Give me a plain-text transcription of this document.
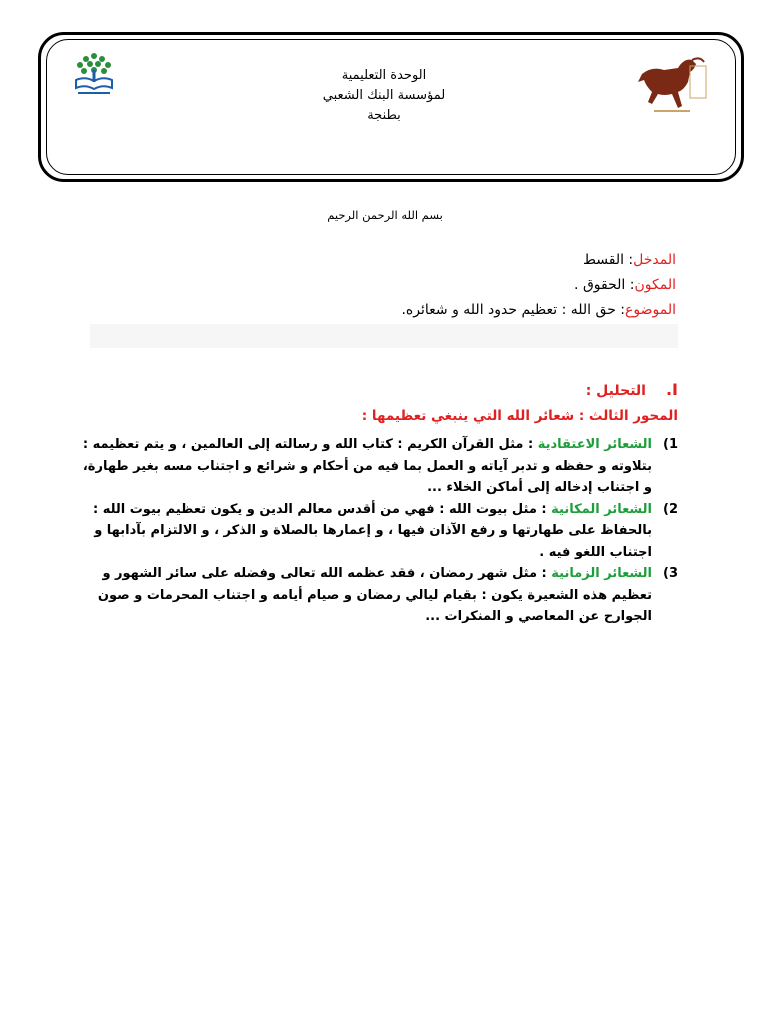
الوحدة التعليمية
لمؤسسة البنك الشعبي
بطنجة
بسم الله الرحمن الرحيم
المدخل: القسط
المكون: الحقوق .
الموضوع: حق الله : تعظيم حدود الله و شعائره.
I.التحليل :
المحور الثالث : شعائر الله التي ينبغي تعظيمها :
1)
الشعائر الاعتقادية : مثل القرآن الكريم : كتاب الله و رسالته إلى العالمين ، و يتم تعظيمه : بتلاوته و حفظه و تدبر آياته و العمل بما فيه من أحكام و شرائع و اجتناب مسه بغير طهارة، و اجتناب إدخاله إلى أماكن الخلاء ...
2)
الشعائر المكانية : مثل بيوت الله : فهي من أقدس معالم الدين و يكون تعظيم بيوت الله : بالحفاظ على طهارتها و رفع الآذان فيها ، و إعمارها بالصلاة و الذكر ، و الالتزام بآدابها و اجتناب اللغو فيه .
3)
الشعائر الزمانية : مثل شهر رمضان ، فقد عظمه الله تعالى وفضله على سائر الشهور و تعظيم هذه الشعيرة يكون : بقيام ليالي رمضان و صيام أيامه و اجتناب المحرمات و صون الجوارح عن المعاصي و المنكرات ...
